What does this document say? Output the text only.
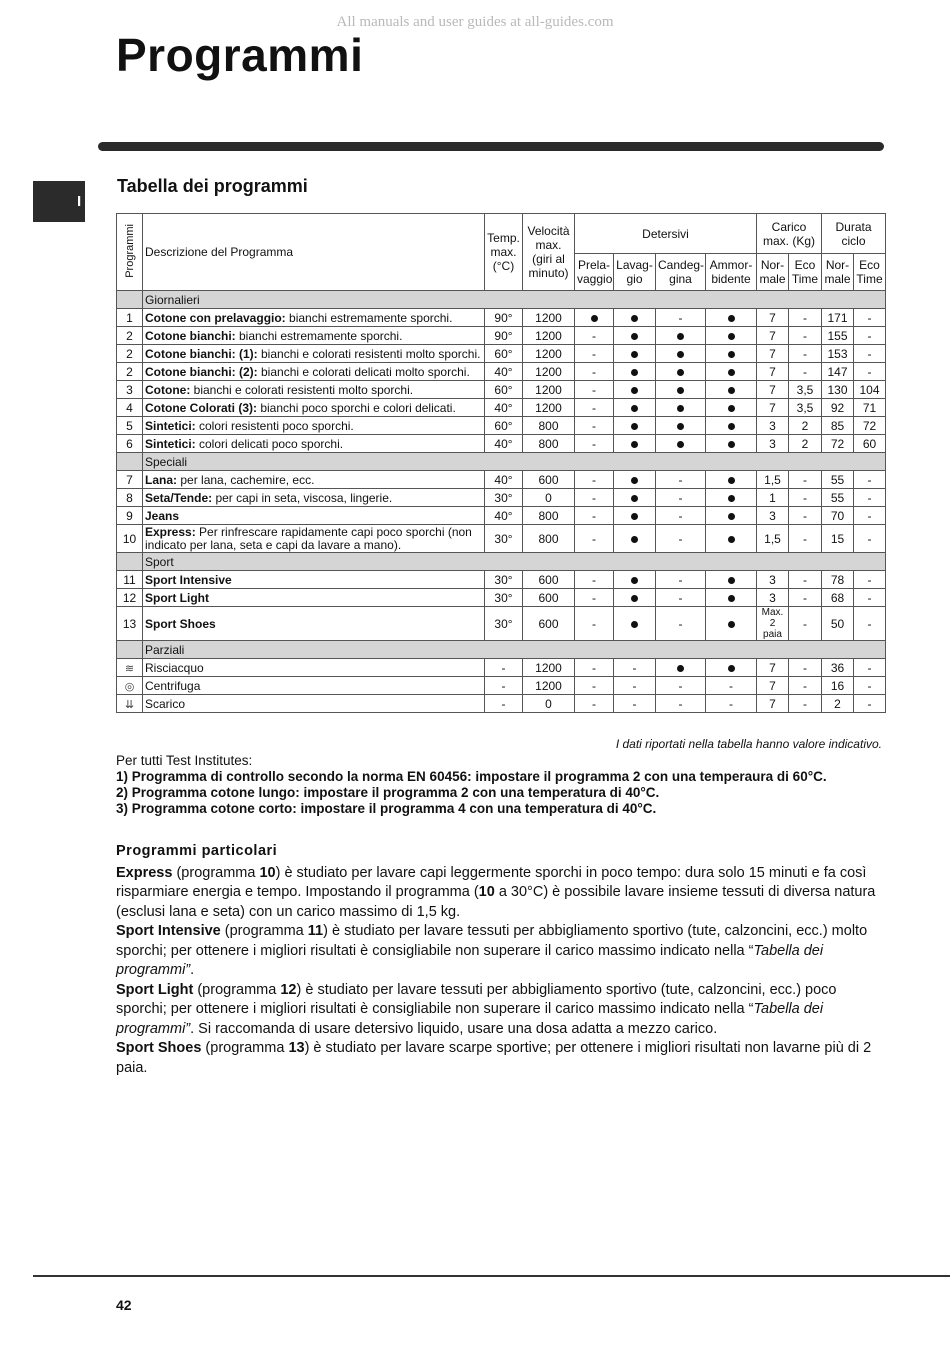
All manuals and user guides at all-guides.com
Programmi
I
Tabella dei programmi
Programmi	Descrizione del Programma	Temp. max. (°C)	Velocità max. (giri al minuto)	Detersivi				Carico max. (Kg)		Durata ciclo	
				Prela- vaggio	Lavag- gio	Candeg- gina	Ammor- bidente	Nor- male	Eco Time	Nor- male	Eco Time
	Giornalieri										
1	Cotone con prelavaggio: bianchi estremamente sporchi.	90°	1200			-		7	-	171	-
2	Cotone bianchi: bianchi estremamente sporchi.	90°	1200	-				7	-	155	-
2	Cotone bianchi: (1): bianchi e colorati resistenti molto sporchi.	60°	1200	-				7	-	153	-
2	Cotone bianchi: (2): bianchi e colorati delicati molto sporchi.	40°	1200	-				7	-	147	-
3	Cotone: bianchi e colorati resistenti molto sporchi.	60°	1200	-				7	3,5	130	104
4	Cotone Colorati (3): bianchi poco sporchi e colori delicati.	40°	1200	-				7	3,5	92	71
5	Sintetici: colori resistenti poco sporchi.	60°	800	-				3	2	85	72
6	Sintetici: colori delicati poco sporchi.	40°	800	-				3	2	72	60
	Speciali										
7	Lana: per lana, cachemire, ecc.	40°	600	-		-		1,5	-	55	-
8	Seta/Tende: per capi in seta, viscosa, lingerie.	30°	0	-		-		1	-	55	-
9	Jeans	40°	800	-		-		3	-	70	-
10	Express: Per rinfrescare rapidamente capi poco sporchi (non indicato per lana, seta e capi da lavare a mano).	30°	800	-		-		1,5	-	15	-
	Sport										
11	Sport Intensive	30°	600	-		-		3	-	78	-
12	Sport Light	30°	600	-		-		3	-	68	-
13	Sport Shoes	30°	600	-		-		Max. 2 paia	-	50	-
	Parziali										
≋	Risciacquo	-	1200	-	-			7	-	36	-
◎	Centrifuga	-	1200	-	-	-	-	7	-	16	-
⇊	Scarico	-	0	-	-	-	-	7	-	2	-
I dati riportati nella tabella hanno valore indicativo.
Per tutti Test Institutes:
1) Programma di controllo secondo la norma EN 60456: impostare il programma 2 con una temperaura di 60°C.
2) Programma cotone lungo: impostare il programma 2 con una temperatura di 40°C.
3) Programma cotone corto: impostare il programma 4 con una temperatura di 40°C.
Programmi particolari

Express (programma 10) è studiato per lavare capi leggermente sporchi in poco tempo: dura solo 15 minuti e fa così risparmiare energia e tempo. Impostando il programma (10 a 30°C) è possibile lavare insieme tessuti di diversa natura (esclusi lana e seta) con un carico massimo di 1,5 kg.

Sport Intensive (programma 11) è studiato per lavare tessuti per abbigliamento sportivo (tute, calzoncini, ecc.) molto sporchi; per ottenere i migliori risultati è consigliabile non superare il carico massimo indicato nella “Tabella dei programmi”.

Sport Light (programma 12) è studiato per lavare tessuti per abbigliamento sportivo (tute, calzoncini, ecc.) poco sporchi; per ottenere i migliori risultati è consigliabile non superare il carico massimo indicato nella “Tabella dei programmi”. Si raccomanda di usare detersivo liquido, usare una dosa adatta a mezzo carico.

Sport Shoes (programma 13) è studiato per lavare scarpe sportive; per ottenere i migliori risultati non lavarne più di 2 paia.

42
